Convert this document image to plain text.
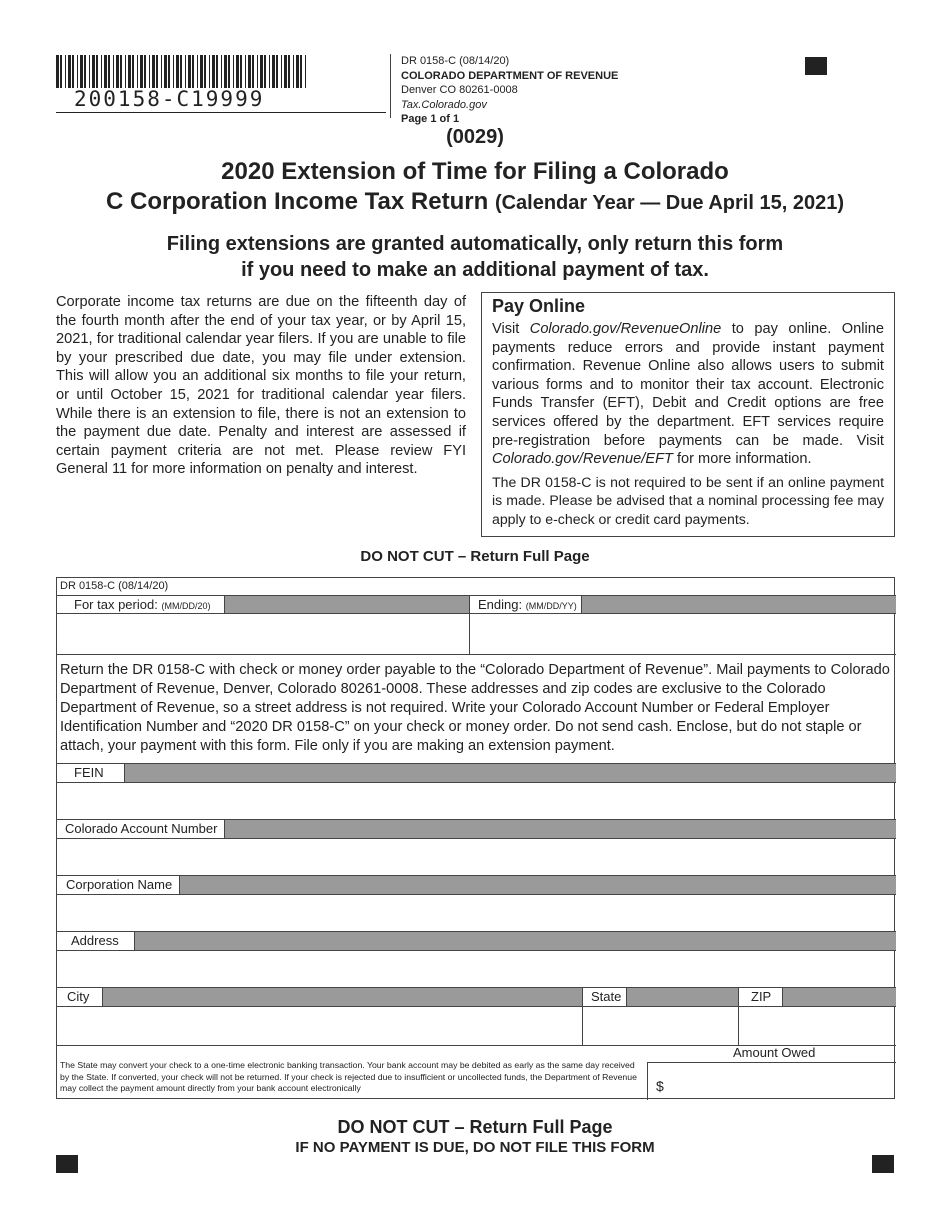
200158-C19999
DR 0158-C (08/14/20)
COLORADO DEPARTMENT OF REVENUE
Denver CO 80261-0008
Tax.Colorado.gov
Page 1 of 1
(0029)
2020 Extension of Time for Filing a Colorado
C Corporation Income Tax Return (Calendar Year — Due April 15, 2021)
Filing extensions are granted automatically, only return this form
if you need to make an additional payment of tax.
Corporate income tax returns are due on the fifteenth day of the fourth month after the end of your tax year, or by April 15, 2021, for traditional calendar year filers. If you are unable to file by your prescribed due date, you may file under extension. This will allow you an additional six months to file your return, or until October 15, 2021 for traditional calendar year filers. While there is an extension to file, there is not an extension to the payment due date. Penalty and interest are assessed if certain payment criteria are not met. Please review FYI General 11 for more information on penalty and interest.
Pay Online
Visit Colorado.gov/RevenueOnline to pay online. Online payments reduce errors and provide instant payment confirmation. Revenue Online also allows users to submit various forms and to monitor their tax account. Electronic Funds Transfer (EFT), Debit and Credit options are free services offered by the department. EFT services require pre-registration before payments can be made. Visit Colorado.gov/Revenue/EFT for more information.
The DR 0158-C is not required to be sent if an online payment is made. Please be advised that a nominal processing fee may apply to e-check or credit card payments.
DO NOT CUT – Return Full Page
DR 0158-C (08/14/20)
For tax period: (MM/DD/20)	Ending: (MM/DD/YY)
Return the DR 0158-C with check or money order payable to the “Colorado Department of Revenue”. Mail payments to Colorado Department of Revenue, Denver, Colorado 80261-0008. These addresses and zip codes are exclusive to the Colorado Department of Revenue, so a street address is not required. Write your Colorado Account Number or Federal Employer Identification Number and “2020 DR 0158-C” on your check or money order. Do not send cash. Enclose, but do not staple or attach, your payment with this form. File only if you are making an extension payment.
FEIN
Colorado Account Number
Corporation Name
Address
City	State	ZIP
Amount Owed
$
The State may convert your check to a one-time electronic banking transaction. Your bank account may be debited as early as the same day received by the State. If converted, your check will not be returned. If your check is rejected due to insufficient or uncollected funds, the Department of Revenue may collect the payment amount directly from your bank account electronically
DO NOT CUT – Return Full Page
IF NO PAYMENT IS DUE, DO NOT FILE THIS FORM
